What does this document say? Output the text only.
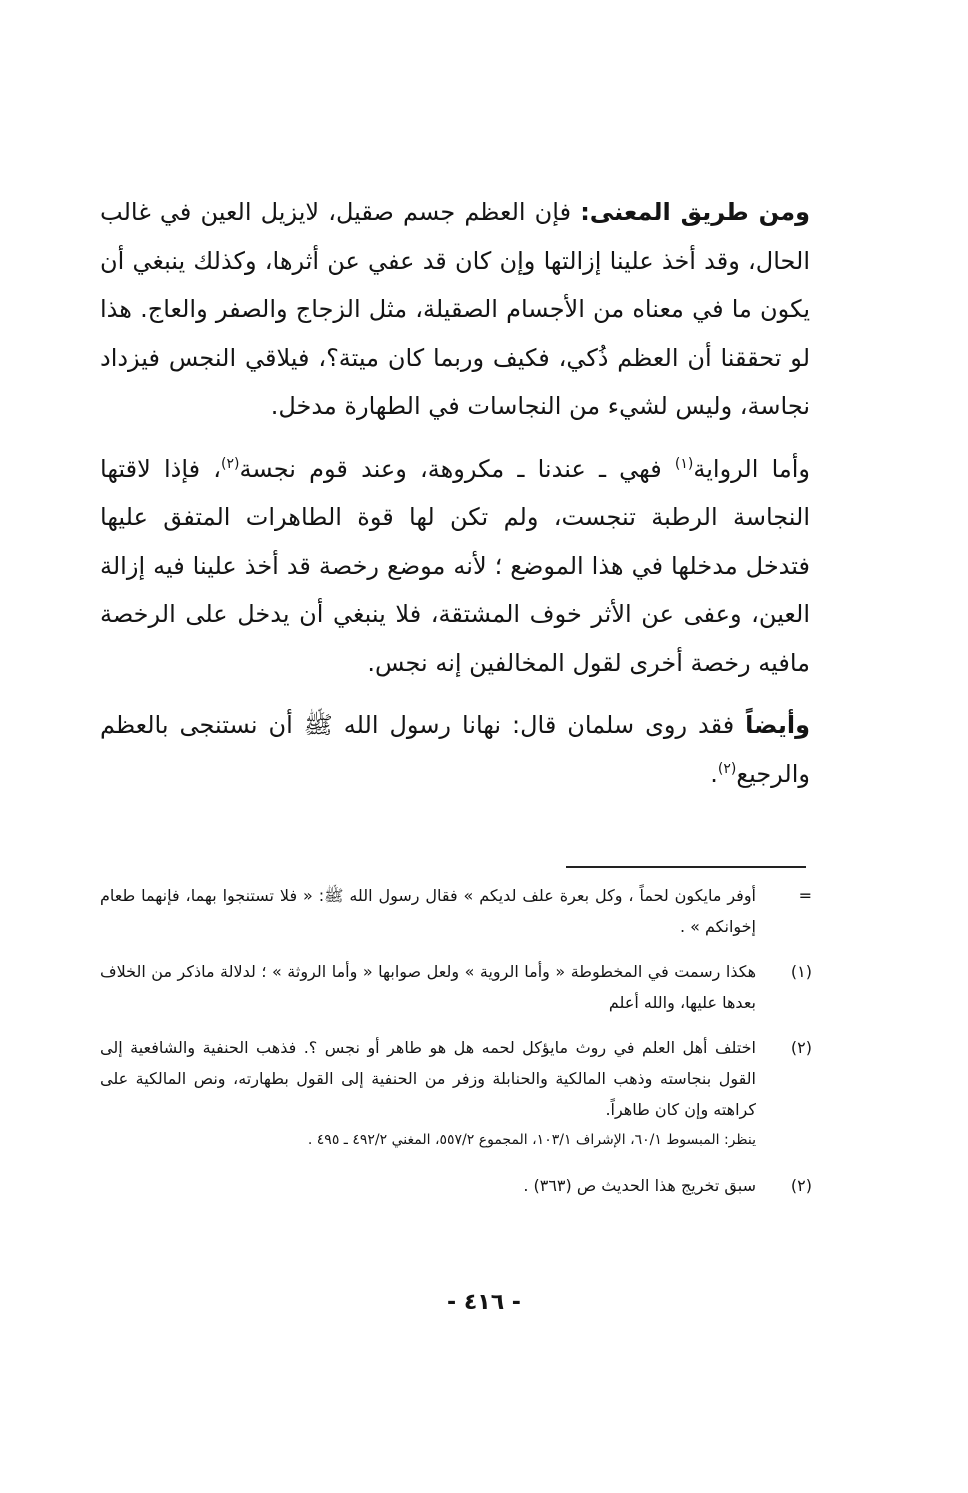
ومن طريق المعنى: فإن العظم جسم صقيل، لايزيل العين في غالب الحال، وقد أخذ علينا إزالتها وإن كان قد عفي عن أثرها، وكذلك ينبغي أن يكون ما في معناه من الأجسام الصقيلة، مثل الزجاج والصفر والعاج. هذا لو تحققنا أن العظم ذُكي، فكيف وربما كان ميتة؟، فيلاقي النجس فيزداد نجاسة، وليس لشيء من النجاسات في الطهارة مدخل.

وأما الرواية$^{(١)}$ فهي ـ عندنا ـ مكروهة، وعند قوم نجسة$^{(٢)}$، فإذا لاقتها النجاسة الرطبة تنجست، ولم تكن لها قوة الطاهرات المتفق عليها فتدخل مدخلها في هذا الموضع ؛ لأنه موضع رخصة قد أخذ علينا فيه إزالة العين، وعفى عن الأثر خوف المشتقة، فلا ينبغي أن يدخل على الرخصة مافيه رخصة أخرى لقول المخالفين إنه نجس.

وأيضاً فقد روى سلمان قال: نهانا رسول الله ﷺ أن نستنجى بالعظم والرجيع$^{(٢)}$.

=
أوفر مايكون لحماً ، وكل بعرة علف لديكم » فقال رسول الله ﷺ: « فلا تستنجوا بهما، فإنهما طعام إخوانكم » .
(١)
هكذا رسمت في المخطوطة « وأما الروية » ولعل صوابها « وأما الروثة » ؛ لدلالة ماذكر من الخلاف بعدها عليها، والله أعلم
(٢)
اختلف أهل العلم في روث مايؤكل لحمه هل هو طاهر أو نجس ؟. فذهب الحنفية والشافعية إلى القول بنجاسته وذهب المالكية والحنابلة وزفر من الحنفية إلى القول بطهارته، ونص المالكية على كراهته وإن كان طاهراً.
ينظر: المبسوط ٦٠/١، الإشراف ١٠٣/١، المجموع ٥٥٧/٢، المغني ٤٩٢/٢ ـ ٤٩٥ .
(٢)
سبق تخريج هذا الحديث ص (٣٦٣) .
- ٤١٦ -
